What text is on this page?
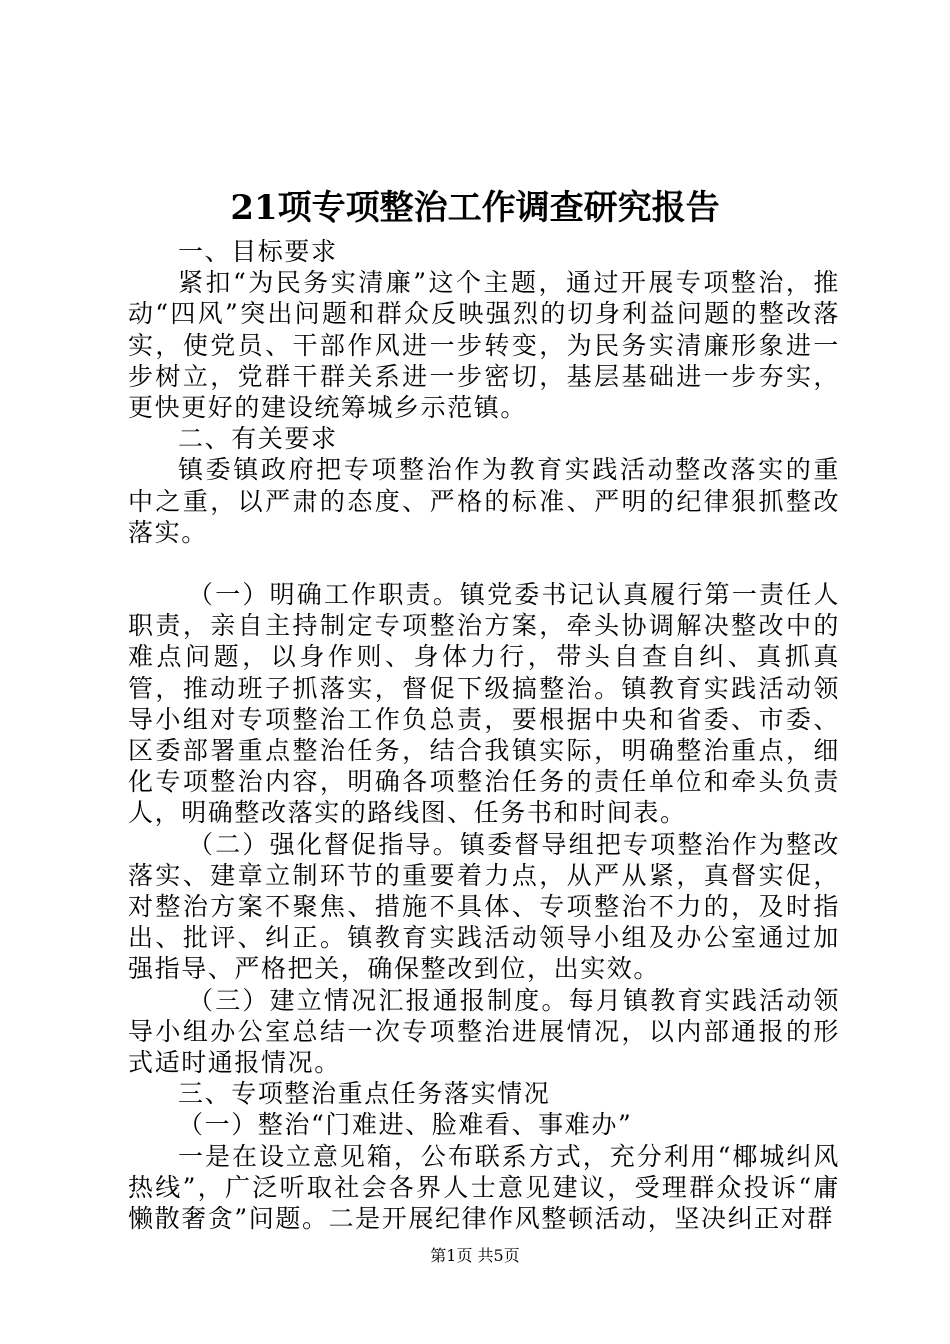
21项专项整治工作调查研究报告

一、目标要求

紧扣“为民务实清廉”这个主题，通过开展专项整治，推动“四风”突出问题和群众反映强烈的切身利益问题的整改落实，使党员、干部作风进一步转变，为民务实清廉形象进一步树立，党群干群关系进一步密切，基层基础进一步夯实，更快更好的建设统筹城乡示范镇。

二、有关要求

镇委镇政府把专项整治作为教育实践活动整改落实的重中之重，以严肃的态度、严格的标准、严明的纪律狠抓整改落实。

（一）明确工作职责。镇党委书记认真履行第一责任人职责，亲自主持制定专项整治方案，牵头协调解决整改中的难点问题，以身作则、身体力行，带头自查自纠、真抓真管，推动班子抓落实，督促下级搞整治。镇教育实践活动领导小组对专项整治工作负总责，要根据中央和省委、市委、区委部署重点整治任务，结合我镇实际，明确整治重点，细化专项整治内容，明确各项整治任务的责任单位和牵头负责人，明确整改落实的路线图、任务书和时间表。

（二）强化督促指导。镇委督导组把专项整治作为整改落实、建章立制环节的重要着力点，从严从紧，真督实促，对整治方案不聚焦、措施不具体、专项整治不力的，及时指出、批评、纠正。镇教育实践活动领导小组及办公室通过加强指导、严格把关，确保整改到位，出实效。

（三）建立情况汇报通报制度。每月镇教育实践活动领导小组办公室总结一次专项整治进展情况，以内部通报的形式适时通报情况。

三、专项整治重点任务落实情况

（一）整治“门难进、脸难看、事难办”

一是在设立意见箱，公布联系方式，充分利用“椰城纠风热线”，广泛听取社会各界人士意见建议，受理群众投诉“庸懒散奢贪”问题。二是开展纪律作风整顿活动，坚决纠正对群

第1页 共5页
